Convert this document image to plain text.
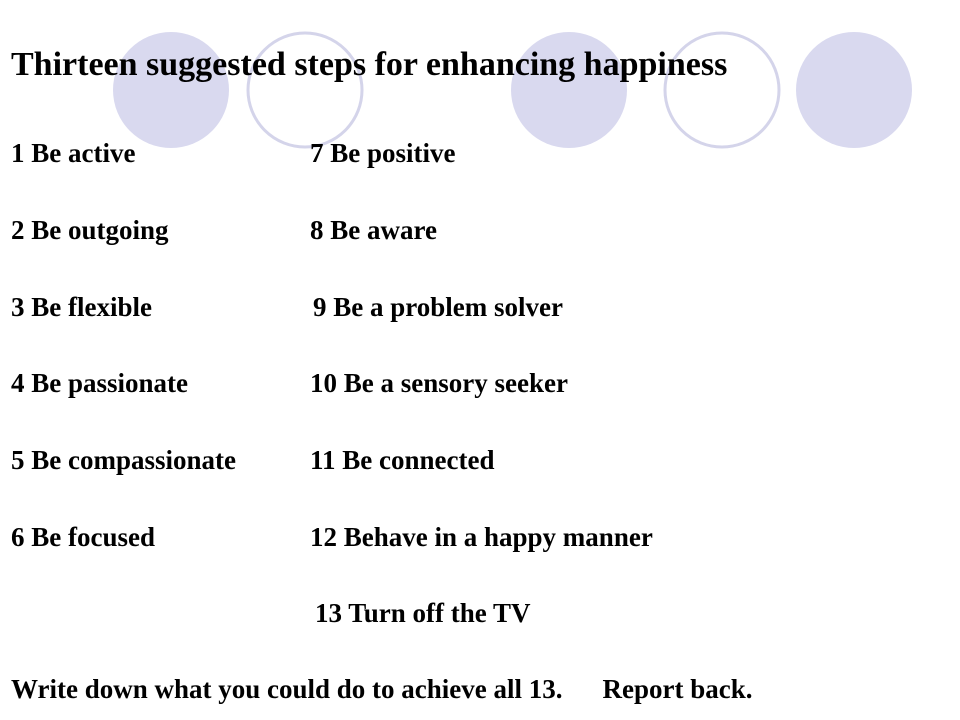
Thirteen suggested steps for enhancing happiness
1 Be active
2 Be outgoing
3 Be flexible
4 Be passionate
5 Be compassionate
6 Be focused
7 Be positive
8 Be aware
9 Be a problem solver
10 Be a sensory seeker
11 Be connected
12 Behave in a happy manner
13 Turn off the TV
Write down what you could do to achieve all 13. Report back.
